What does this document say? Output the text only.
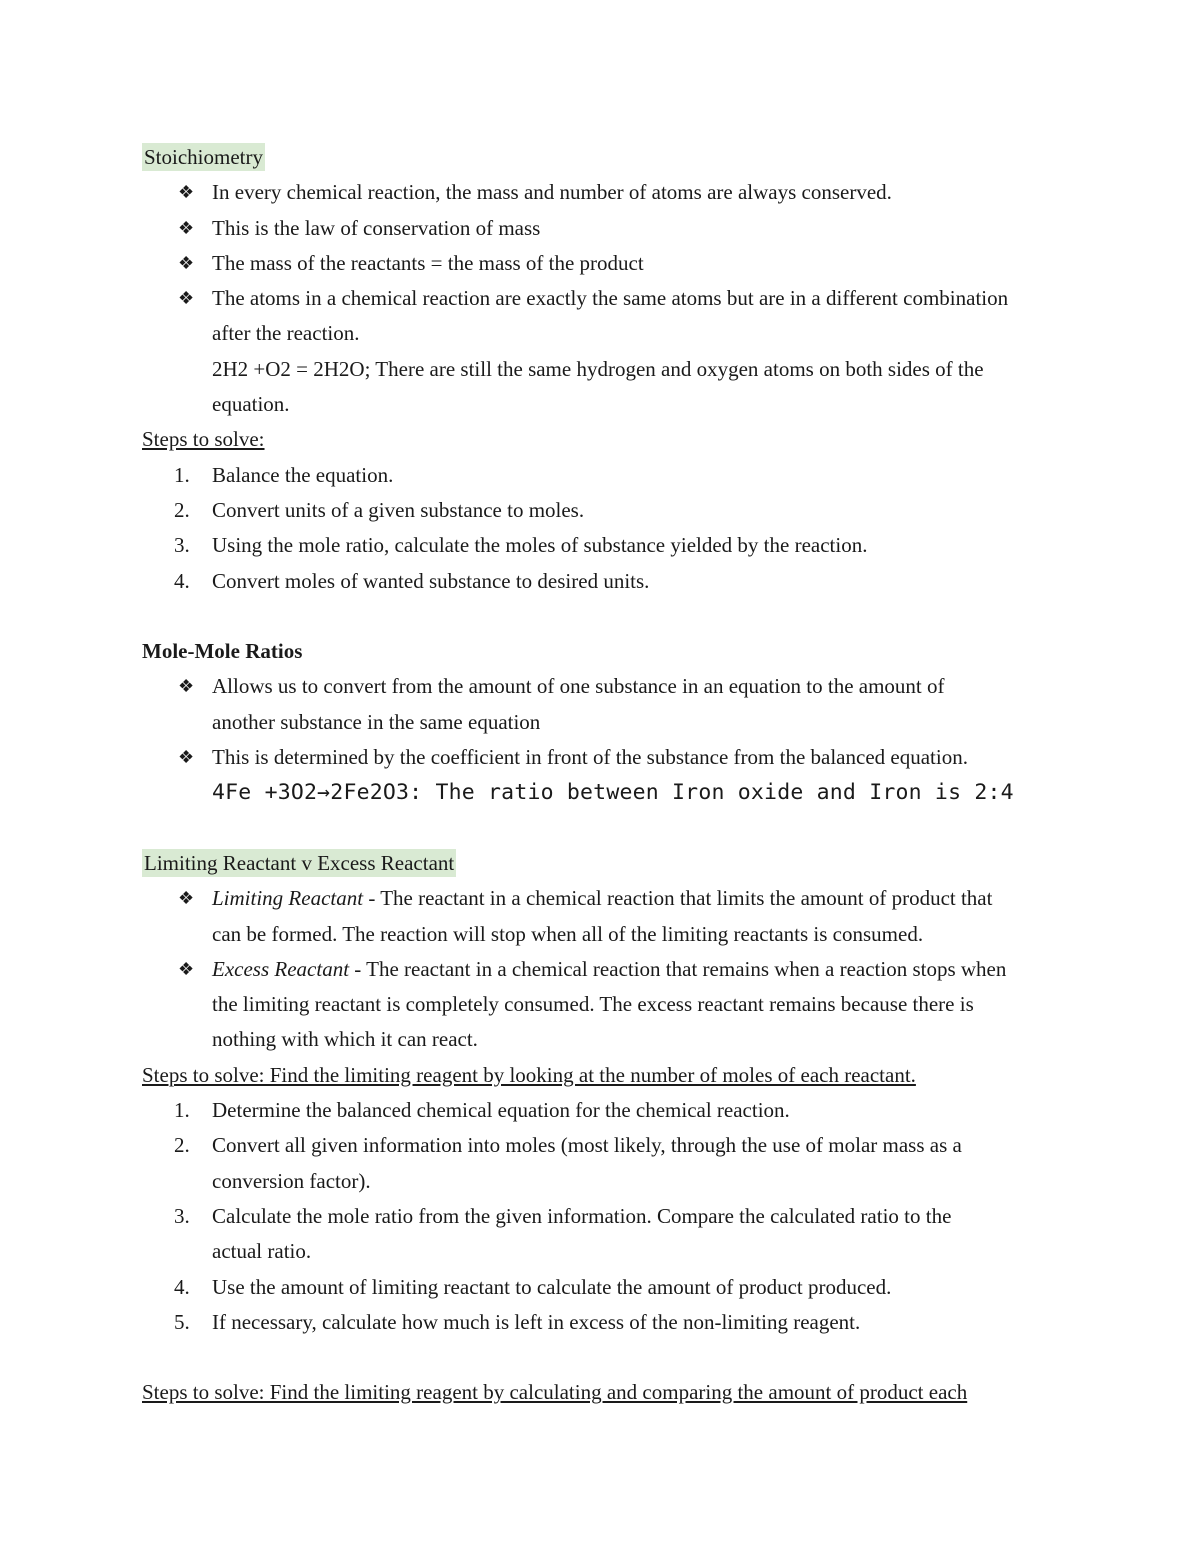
Stoichiometry
❖ In every chemical reaction, the mass and number of atoms are always conserved.
❖ This is the law of conservation of mass
❖ The mass of the reactants = the mass of the product
❖ The atoms in a chemical reaction are exactly the same atoms but are in a different combination
after the reaction.
2H2 +O2 = 2H2O; There are still the same hydrogen and oxygen atoms on both sides of the
equation.
Steps to solve:
1. Balance the equation.
2. Convert units of a given substance to moles.
3. Using the mole ratio, calculate the moles of substance yielded by the reaction.
4. Convert moles of wanted substance to desired units.
Mole-Mole Ratios
❖ Allows us to convert from the amount of one substance in an equation to the amount of
another substance in the same equation
❖ This is determined by the coefficient in front of the substance from the balanced equation.
4Fe +3O2→2Fe2O3: The ratio between Iron oxide and Iron is 2:4
Limiting Reactant v Excess Reactant
❖ Limiting Reactant - The reactant in a chemical reaction that limits the amount of product that
can be formed. The reaction will stop when all of the limiting reactants is consumed.
❖ Excess Reactant - The reactant in a chemical reaction that remains when a reaction stops when
the limiting reactant is completely consumed. The excess reactant remains because there is
nothing with which it can react.
Steps to solve: Find the limiting reagent by looking at the number of moles of each reactant.
1. Determine the balanced chemical equation for the chemical reaction.
2. Convert all given information into moles (most likely, through the use of molar mass as a
conversion factor).
3. Calculate the mole ratio from the given information. Compare the calculated ratio to the
actual ratio.
4. Use the amount of limiting reactant to calculate the amount of product produced.
5. If necessary, calculate how much is left in excess of the non-limiting reagent.
Steps to solve: Find the limiting reagent by calculating and comparing the amount of product each
